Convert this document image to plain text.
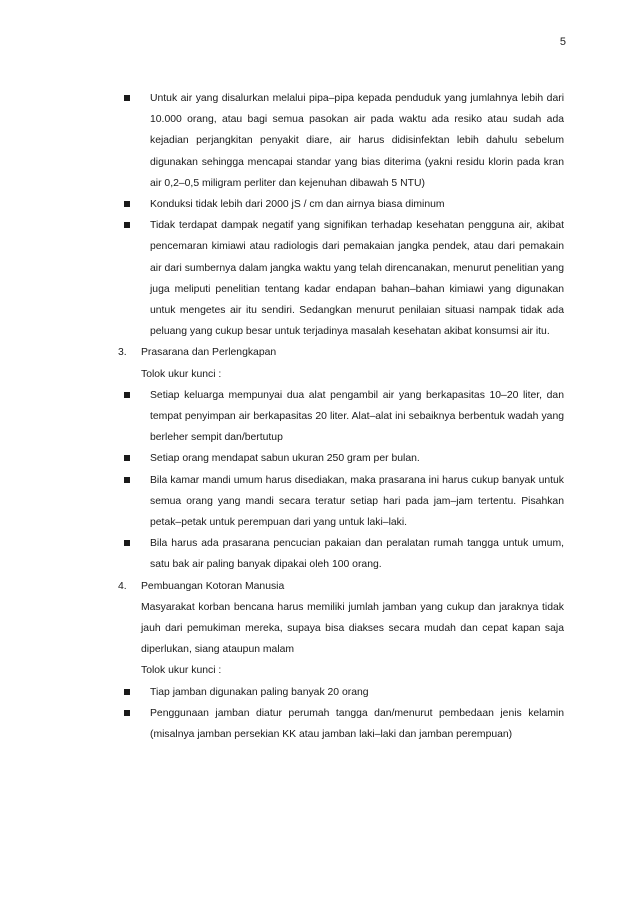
5
Untuk air yang disalurkan melalui pipa–pipa kepada penduduk yang jumlahnya lebih dari 10.000 orang, atau bagi semua pasokan air pada waktu ada resiko atau sudah ada kejadian perjangkitan penyakit diare, air harus didisinfektan lebih dahulu sebelum digunakan sehingga mencapai standar yang bias diterima (yakni residu klorin pada kran air 0,2–0,5 miligram perliter dan kejenuhan dibawah 5 NTU)
Konduksi tidak lebih dari 2000 jS / cm dan airnya biasa diminum
Tidak terdapat dampak negatif yang signifikan terhadap kesehatan pengguna air, akibat pencemaran kimiawi atau radiologis dari pemakaian jangka pendek, atau dari pemakain air dari sumbernya dalam jangka waktu yang telah direncanakan, menurut penelitian yang juga meliputi penelitian tentang kadar endapan bahan–bahan kimiawi yang digunakan untuk mengetes air itu sendiri. Sedangkan menurut penilaian situasi nampak tidak ada peluang yang cukup besar untuk terjadinya masalah kesehatan akibat konsumsi air itu.
3. Prasarana dan Perlengkapan
Tolok ukur kunci :
Setiap keluarga mempunyai dua alat pengambil air yang berkapasitas 10–20 liter, dan tempat penyimpan air berkapasitas 20 liter. Alat–alat ini sebaiknya berbentuk wadah yang berleher sempit dan/bertutup
Setiap orang mendapat sabun ukuran 250 gram per bulan.
Bila kamar mandi umum harus disediakan, maka prasarana ini harus cukup banyak untuk semua orang yang mandi secara teratur setiap hari pada jam–jam tertentu. Pisahkan petak–petak untuk perempuan dari yang untuk laki–laki.
Bila harus ada prasarana pencucian pakaian dan peralatan rumah tangga untuk umum, satu bak air paling banyak dipakai oleh 100 orang.
4. Pembuangan Kotoran Manusia
Masyarakat korban bencana harus memiliki jumlah jamban yang cukup dan jaraknya tidak jauh dari pemukiman mereka, supaya bisa diakses secara mudah dan cepat kapan saja diperlukan, siang ataupun malam
Tolok ukur kunci :
Tiap jamban digunakan paling banyak 20 orang
Penggunaan jamban diatur perumah tangga dan/menurut pembedaan jenis kelamin (misalnya jamban persekian KK atau jamban laki–laki dan jamban perempuan)
